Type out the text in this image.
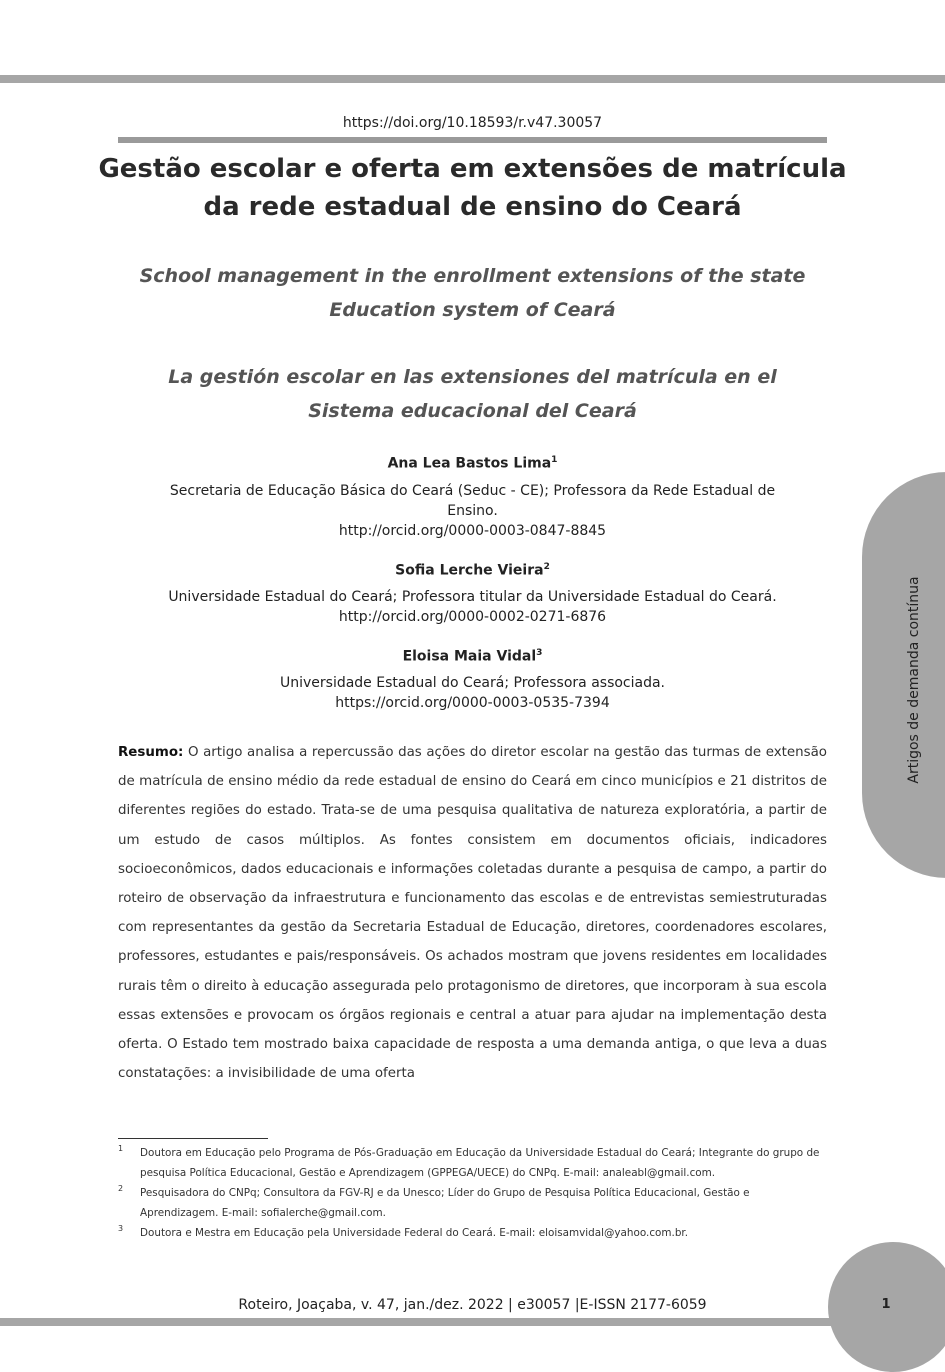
https://doi.org/10.18593/r.v47.30057
Gestão escolar e oferta em extensões de matrícula
da rede estadual de ensino do Ceará
School management in the enrollment extensions of the state
Education system of Ceará
La gestión escolar en las extensiones del matrícula en el
Sistema educacional del Ceará
Ana Lea Bastos Lima$^1$
Secretaria de Educação Básica do Ceará (Seduc - CE); Professora da Rede Estadual de
Ensino.
http://orcid.org/0000-0003-0847-8845
Sofia Lerche Vieira$^2$
Universidade Estadual do Ceará; Professora titular da Universidade Estadual do Ceará.
http://orcid.org/0000-0002-0271-6876
Eloisa Maia Vidal$^3$
Universidade Estadual do Ceará; Professora associada.
https://orcid.org/0000-0003-0535-7394
Resumo: O artigo analisa a repercussão das ações do diretor escolar na gestão das turmas de extensão de matrícula de ensino médio da rede estadual de ensino do Ceará em cinco municípios e 21 distritos de diferentes regiões do estado. Trata-se de uma pesquisa qualitativa de natureza exploratória, a partir de um estudo de casos múltiplos. As fontes consistem em documentos oficiais, indicadores socioeconômicos, dados educacionais e informações coletadas durante a pesquisa de campo, a partir do roteiro de observação da infraestrutura e funcionamento das escolas e de entrevistas semiestruturadas com representantes da gestão da Secretaria Estadual de Educação, diretores, coordenadores escolares, professores, estudantes e pais/responsáveis. Os achados mostram que jovens residentes em localidades rurais têm o direito à educação assegurada pelo protagonismo de diretores, que incorporam à sua escola essas extensões e provocam os órgãos regionais e central a atuar para ajudar na implementação desta oferta. O Estado tem mostrado baixa capacidade de resposta a uma demanda antiga, o que leva a duas constatações: a invisibilidade de uma oferta
1 Doutora em Educação pelo Programa de Pós-Graduação em Educação da Universidade Estadual do Ceará; Integrante do grupo de pesquisa Política Educacional, Gestão e Aprendizagem (GPPEGA/UECE) do CNPq. E-mail: analeabl@gmail.com.
2 Pesquisadora do CNPq; Consultora da FGV-RJ e da Unesco; Líder do Grupo de Pesquisa Política Educacional, Gestão e Aprendizagem. E-mail: sofialerche@gmail.com.
3 Doutora e Mestra em Educação pela Universidade Federal do Ceará. E-mail: eloisamvidal@yahoo.com.br.
Artigos de demanda contínua
Roteiro, Joaçaba, v. 47, jan./dez. 2022 | e30057 |E-ISSN 2177-6059	1
